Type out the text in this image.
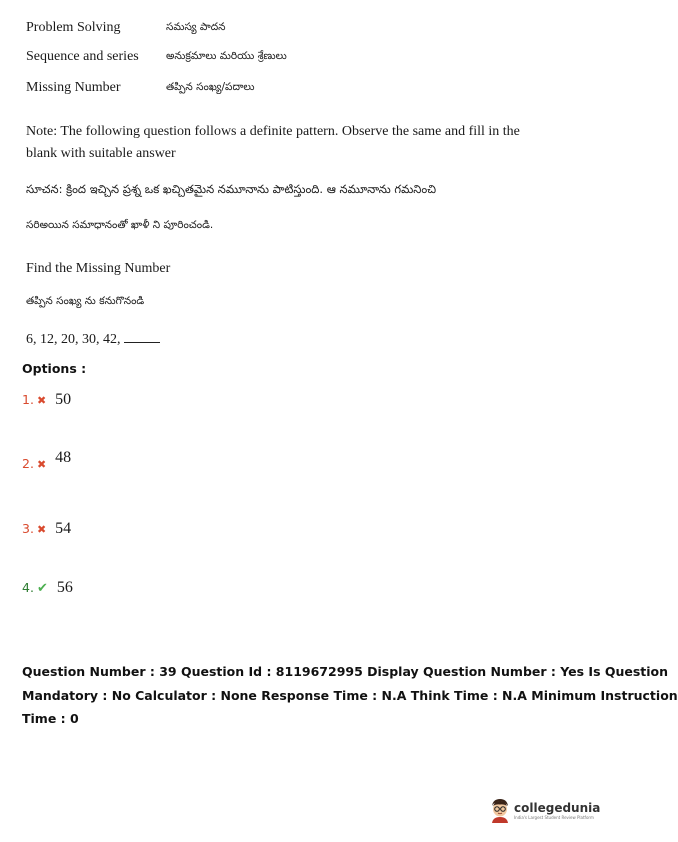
Problem Solving	సమస్య పాదన
Sequence and series	అనుక్రమాలు మరియు శ్రేణులు
Missing Number	తప్పిన సంఖ్య/పదాలు
Note: The following question follows a definite pattern. Observe the same and fill in the
blank with suitable answer
సూచన: క్రింద ఇచ్చిన ప్రశ్న ఒక ఖచ్చితమైన నమూనాను పాటిస్తుంది. ఆ నమూనాను గమనించి
సరిఅయిన సమాధానంతో ఖాళీ ని పూరించండి.
Find the Missing Number
తప్పిన సంఖ్య ను కనుగొనండి
6, 12, 20, 30, 42,
Options :
1. ✖ 50
2. ✖ 48
3. ✖ 54
4. ✔ 56
Question Number : 39 Question Id : 8119672995 Display Question Number : Yes Is Question
Mandatory : No Calculator : None Response Time : N.A Think Time : N.A Minimum Instruction
Time : 0
collegedunia
India's Largest Student Review Platform
